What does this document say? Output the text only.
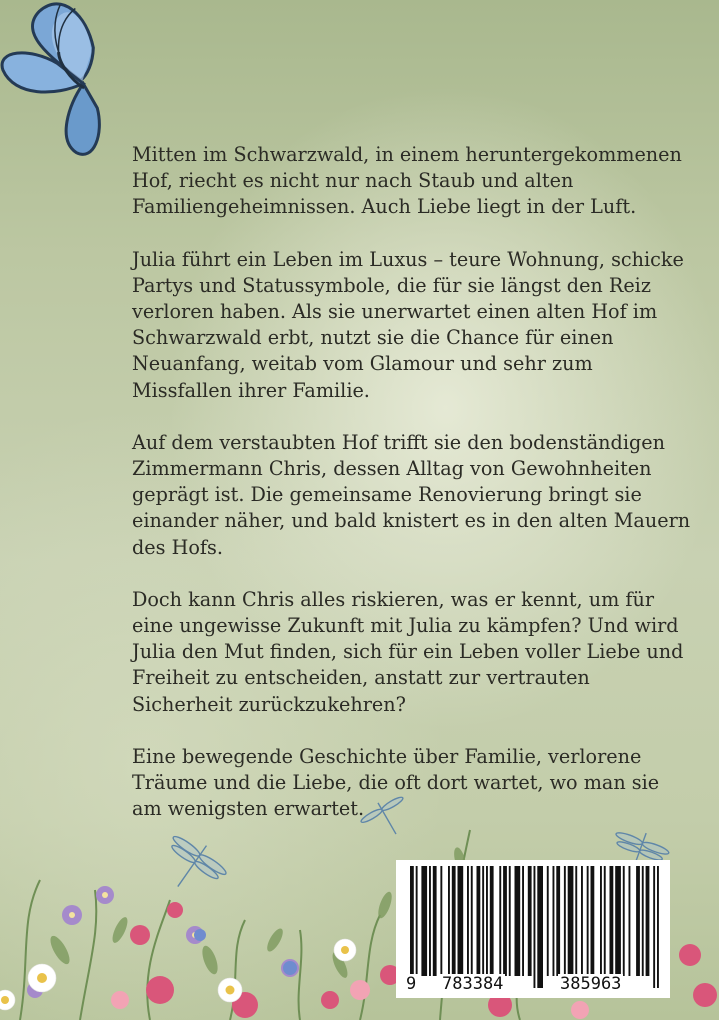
Mitten im Schwarzwald, in einem heruntergekommenen Hof, riecht es nicht nur nach Staub und alten Familiengeheimnissen. Auch Liebe liegt in der Luft.

Julia führt ein Leben im Luxus – teure Wohnung, schicke Partys und Statussymbole, die für sie längst den Reiz verloren haben. Als sie unerwartet einen alten Hof im Schwarzwald erbt, nutzt sie die Chance für einen Neuanfang, weitab vom Glamour und sehr zum Missfallen ihrer Familie.

Auf dem verstaubten Hof trifft sie den bodenständigen Zimmermann Chris, dessen Alltag von Gewohnheiten geprägt ist. Die gemeinsame Renovierung bringt sie einander näher, und bald knistert es in den alten Mauern des Hofs.

Doch kann Chris alles riskieren, was er kennt, um für eine ungewisse Zukunft mit Julia zu kämpfen? Und wird Julia den Mut finden, sich für ein Leben voller Liebe und Freiheit zu entscheiden, anstatt zur vertrauten Sicherheit zurückzukehren?

Eine bewegende Geschichte über Familie, verlorene Träume und die Liebe, die oft dort wartet, wo man sie am wenigsten erwartet.

9 783384	385963
